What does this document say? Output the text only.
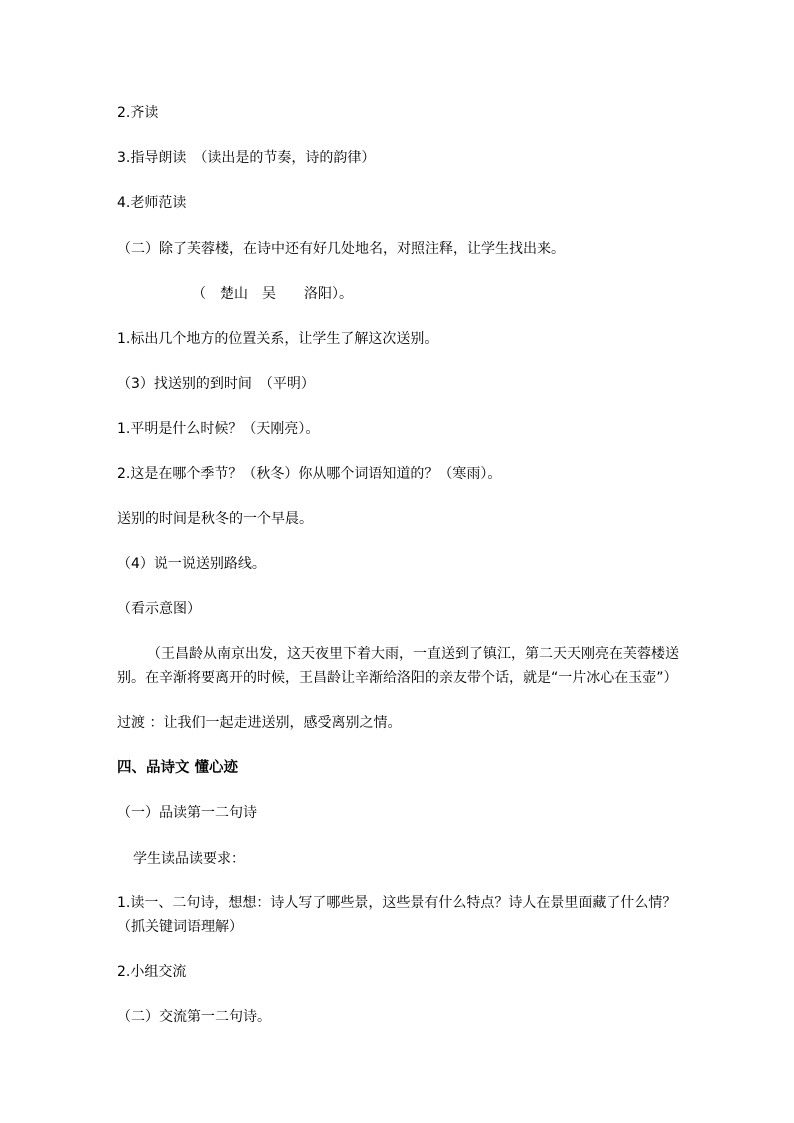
2.齐读
3.指导朗读　（读出是的节奏，诗的韵律）
4.老师范读
（二）除了芙蓉楼，在诗中还有好几处地名，对照注释，让学生找出来。
（　楚山　吴　　洛阳）。
1.标出几个地方的位置关系，让学生了解这次送别。
（3）找送别的到时间　（平明）
1.平明是什么时候？（天刚亮）。
2.这是在哪个季节？（秋冬）你从哪个词语知道的？（寒雨）。
送别的时间是秋冬的一个早晨。
（4）说一说送别路线。
（看示意图）
（王昌龄从南京出发，这天夜里下着大雨，一直送到了镇江，第二天天刚亮在芙蓉楼送
别。在辛渐将要离开的时候，王昌龄让辛渐给洛阳的亲友带个话，就是“一片冰心在玉壶”）
过渡 ：让我们一起走进送别，感受离别之情。
四、品诗文 懂心迹
（一）品读第一二句诗
学生读品读要求：
1.读一、二句诗，想想：诗人写了哪些景，这些景有什么特点？诗人在景里面藏了什么情？
（抓关键词语理解）
2.小组交流
（二）交流第一二句诗。
